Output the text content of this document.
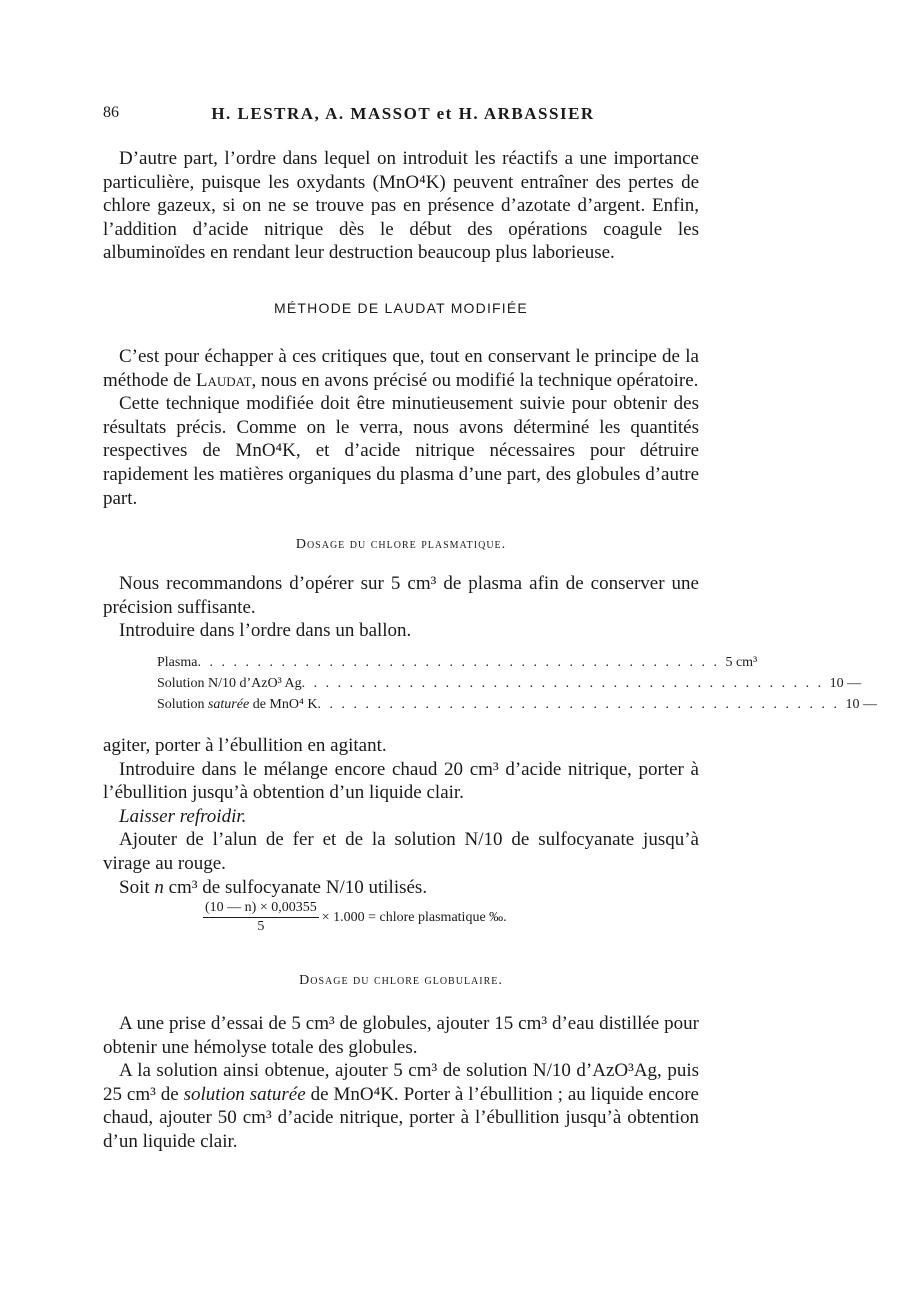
86	H. LESTRA, A. MASSOT et H. ARBASSIER

D’autre part, l’ordre dans lequel on introduit les réactifs a une importance particulière, puisque les oxydants (MnO⁴K) peuvent entraîner des pertes de chlore gazeux, si on ne se trouve pas en présence d’azotate d’argent. Enfin, l’addition d’acide nitrique dès le début des opérations coagule les albuminoïdes en rendant leur destruction beaucoup plus laborieuse.

MÉTHODE DE LAUDAT MODIFIÉE

C’est pour échapper à ces critiques que, tout en conservant le principe de la méthode de Laudat, nous en avons précisé ou modifié la technique opératoire.

Cette technique modifiée doit être minutieusement suivie pour obtenir des résultats précis. Comme on le verra, nous avons déterminé les quantités respectives de MnO⁴K, et d’acide nitrique nécessaires pour détruire rapidement les matières organiques du plasma d’une part, des globules d’autre part.

Dosage du chlore plasmatique.

Nous recommandons d’opérer sur 5 cm³ de plasma afin de conserver une précision suffisante.

Introduire dans l’ordre dans un ballon.

Plasma . . . . . . . . . . . . . . . . . . . . . . . . . . . . . . . . . . . . . . . . . . . . 5 cm³
Solution N/10 d’AzO³ Ag . . . . . . . . . . . . . . . . . . . . . . . . . . . . . . . . . . . . . . . . . . . . 10 —
Solution saturée de MnO⁴ K . . . . . . . . . . . . . . . . . . . . . . . . . . . . . . . . . . . . . . . . . . . . 10 —

agiter, porter à l’ébullition en agitant.

Introduire dans le mélange encore chaud 20 cm³ d’acide nitrique, porter à l’ébullition jusqu’à obtention d’un liquide clair.

Laisser refroidir.

Ajouter de l’alun de fer et de la solution N/10 de sulfocyanate jusqu’à virage au rouge.

Soit n cm³ de sulfocyanate N/10 utilisés.

$\frac{(10 — n) \times 0,00355}{5} \times 1.000$ = chlore plasmatique ‰.
Dosage du chlore globulaire.

A une prise d’essai de 5 cm³ de globules, ajouter 15 cm³ d’eau distillée pour obtenir une hémolyse totale des globules.

A la solution ainsi obtenue, ajouter 5 cm³ de solution N/10 d’AzO³Ag, puis 25 cm³ de solution saturée de MnO⁴K. Porter à l’ébullition ; au liquide encore chaud, ajouter 50 cm³ d’acide nitrique, porter à l’ébullition jusqu’à obtention d’un liquide clair.
